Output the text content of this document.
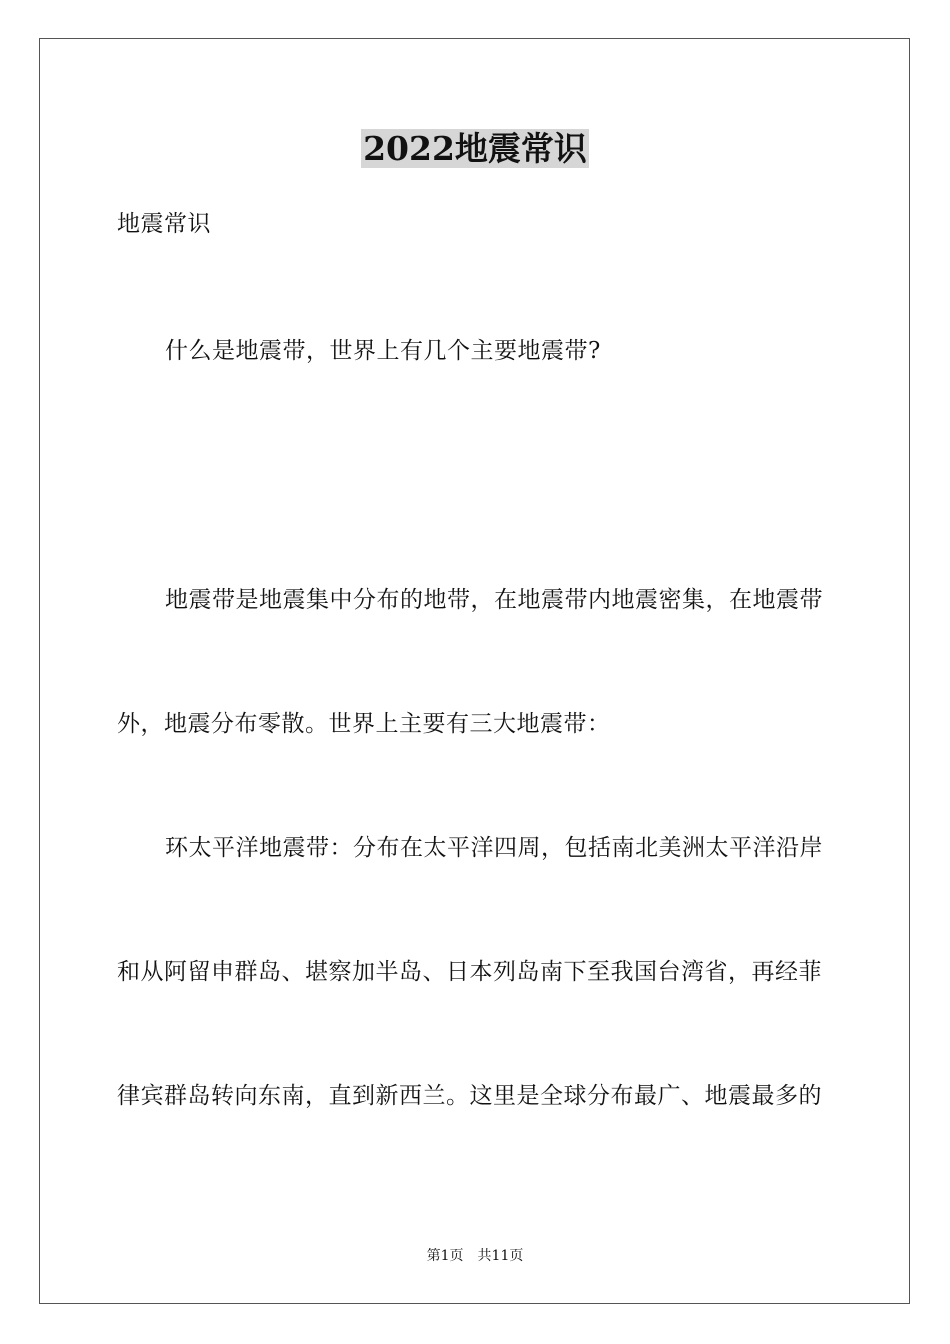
2022地震常识
地震常识
什么是地震带，世界上有几个主要地震带?
地震带是地震集中分布的地带，在地震带内地震密集，在地震带
外，地震分布零散。世界上主要有三大地震带：
环太平洋地震带：分布在太平洋四周，包括南北美洲太平洋沿岸
和从阿留申群岛、堪察加半岛、日本列岛南下至我国台湾省，再经菲
律宾群岛转向东南，直到新西兰。这里是全球分布最广、地震最多的
第1页 共11页
